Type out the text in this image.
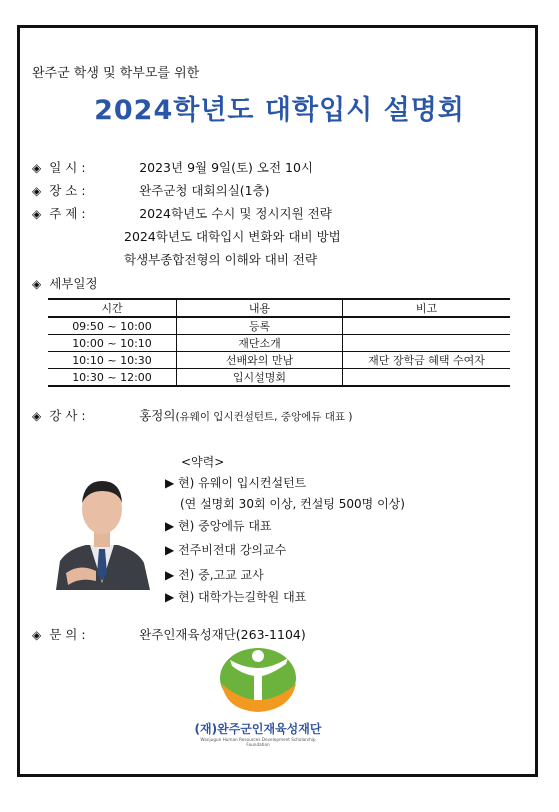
완주군 학생 및 학부모를 위한
2024학년도 대학입시 설명회
◈ 일 시 :	2023년 9월 9일(토) 오전 10시
◈ 장 소 :	완주군청 대회의실(1층)
◈ 주 제 :	2024학년도 수시 및 정시지원 전략
2024학년도 대학입시 변화와 대비 방법
학생부종합전형의 이해와 대비 전략
◈ 세부일정
시간	내용	비고
09:50 ~ 10:00	등록	
10:00 ~ 10:10	재단소개	
10:10 ~ 10:30	선배와의 만남	재단 장학금 혜택 수여자
10:30 ~ 12:00	입시설명회	
◈ 강 사 :	홍정의(유웨이 입시컨설턴트, 중앙에듀 대표 )
<약력>
▶ 현) 유웨이 입시컨설턴트
(연 설명회 30회 이상, 컨설팅 500명 이상)
▶ 현) 중앙에듀 대표
▶ 전주비전대 강의교수
▶ 전) 중,고교 교사
▶ 현) 대학가는길학원 대표
◈ 문 의 :	완주인재육성재단(263-1104)
(재)완주군인재육성재단
Wanjugun Human Resources Development Scholarship Foundation
